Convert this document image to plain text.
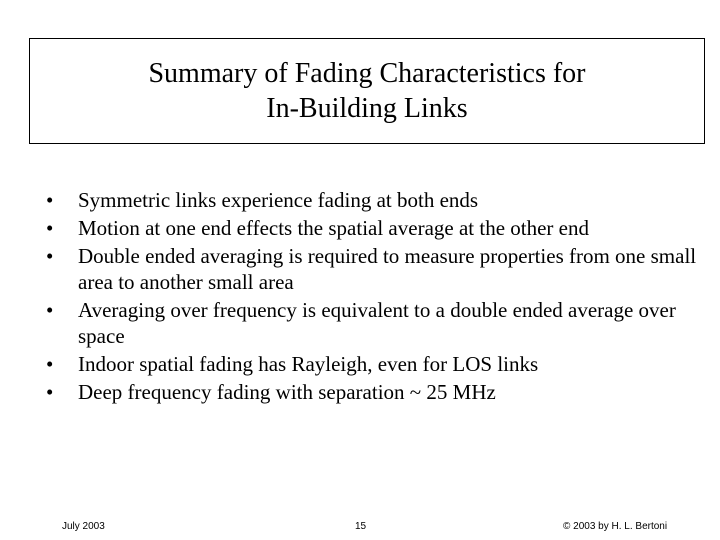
Summary of Fading Characteristics for
In-Building Links
•	Symmetric links experience fading at both ends
•	Motion at one end effects the spatial average at the other end
•	Double ended averaging is required to measure properties from one small area to another small area
•	Averaging over frequency is equivalent to a double ended average over space
•	Indoor spatial fading has Rayleigh, even for LOS links
•	Deep frequency fading with separation ~ 25 MHz
July 2003	15	© 2003 by H. L. Bertoni
